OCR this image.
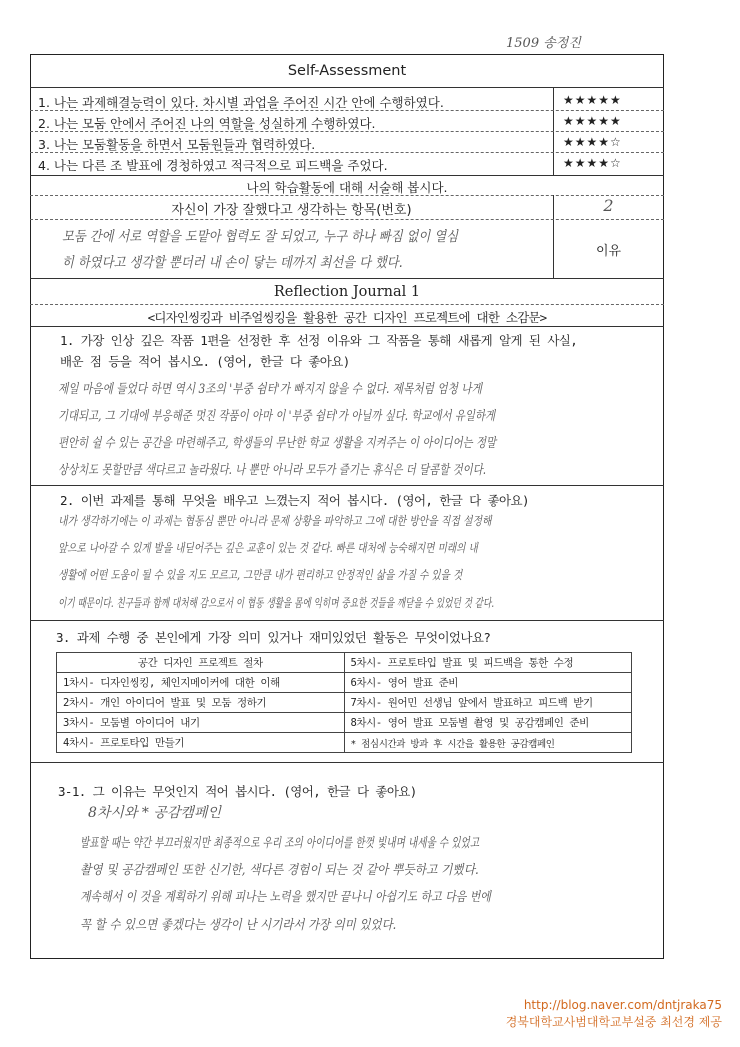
1509 송정진
Self-Assessment
1. 나는 과제해결능력이 있다. 차시별 과업을 주어진 시간 안에 수행하였다.	★★★★★
2. 나는 모둠 안에서 주어진 나의 역할을 성실하게 수행하였다.	★★★★★
3. 나는 모둠활동을 하면서 모둠원들과 협력하였다.	★★★★☆
4. 나는 다른 조 발표에 경청하였고 적극적으로 피드백을 주었다.	★★★★☆
나의 학습활동에 대해 서술해 봅시다.
자신이 가장 잘했다고 생각하는 항목(번호)	2
모둠 간에 서로 역할을 도맡아 협력도 잘 되었고, 누구 하나 빠짐 없이 열심
히 하였다고 생각할 뿐더러 내 손이 닿는 데까지 최선을 다 했다.
이유
Reflection Journal 1
<디자인씽킹과 비주얼씽킹을 활용한 공간 디자인 프로젝트에 대한 소감문>
1. 가장 인상 깊은 작품 1편을 선정한 후 선정 이유와 그 작품을 통해 새롭게 알게 된 사실,
배운 점 등을 적어 봅시오. (영어, 한글 다 좋아요)
제일 마음에 들었다 하면 역시 3조의 '부중 쉼터'가 빠지지 않을 수 없다. 제목처럼 엄청 나게
기대되고, 그 기대에 부응해준 멋진 작품이 아마 이 '부중 쉼터'가 아닐까 싶다. 학교에서 유일하게
편안히 쉴 수 있는 공간을 마련해주고, 학생들의 무난한 학교 생활을 지켜주는 이 아이디어는 정말
상상치도 못할만큼 색다르고 놀라웠다. 나 뿐만 아니라 모두가 즐기는 휴식은 더 달콤할 것이다.
2. 이번 과제를 통해 무엇을 배우고 느꼈는지 적어 봅시다. (영어, 한글 다 좋아요)
내가 생각하기에는 이 과제는 협동심 뿐만 아니라 문제 상황을 파악하고 그에 대한 방안을 직접 설정해
앞으로 나아갈 수 있게 발을 내딛어주는 깊은 교훈이 있는 것 같다. 빠른 대처에 능숙해지면 미래의 내
생활에 어떤 도움이 될 수 있을 지도 모르고, 그만큼 내가 편리하고 안정적인 삶을 가질 수 있을 것
이기 때문이다. 친구들과 함께 대처해 감으로서 이 협동 생활을 몸에 익히며 중요한 것들을 깨닫을 수 있었던 것 같다.
3. 과제 수행 중 본인에게 가장 의미 있거나 재미있었던 활동은 무엇이었나요?
공간 디자인 프로젝트 절차	5차시- 프로토타입 발표 및 피드백을 통한 수정
1차시- 디자인씽킹, 체인지메이커에 대한 이해	6차시- 영어 발표 준비
2차시- 개인 아이디어 발표 및 모둠 정하기	7차시- 원어민 선생님 앞에서 발표하고 피드백 받기
3차시- 모둠별 아이디어 내기	8차시- 영어 발표 모둠별 촬영 및 공감캠페인 준비
4차시- 프로토타입 만들기	* 점심시간과 방과 후 시간을 활용한 공감캠페인
3-1. 그 이유는 무엇인지 적어 봅시다. (영어, 한글 다 좋아요)
8차시와 * 공감캠페인
발표할 때는 약간 부끄러웠지만 최종적으로 우리 조의 아이디어를 한껏 빛내며 내세울 수 있었고
촬영 및 공감캠페인 또한 신기한, 색다른 경험이 되는 것 같아 뿌듯하고 기뻤다.
계속해서 이 것을 계획하기 위해 피나는 노력을 했지만 끝나니 아쉽기도 하고 다음 번에
꼭 할 수 있으면 좋겠다는 생각이 난 시기라서 가장 의미 있었다.
http://blog.naver.com/dntjraka75
경북대학교사범대학교부설중 최선경 제공
